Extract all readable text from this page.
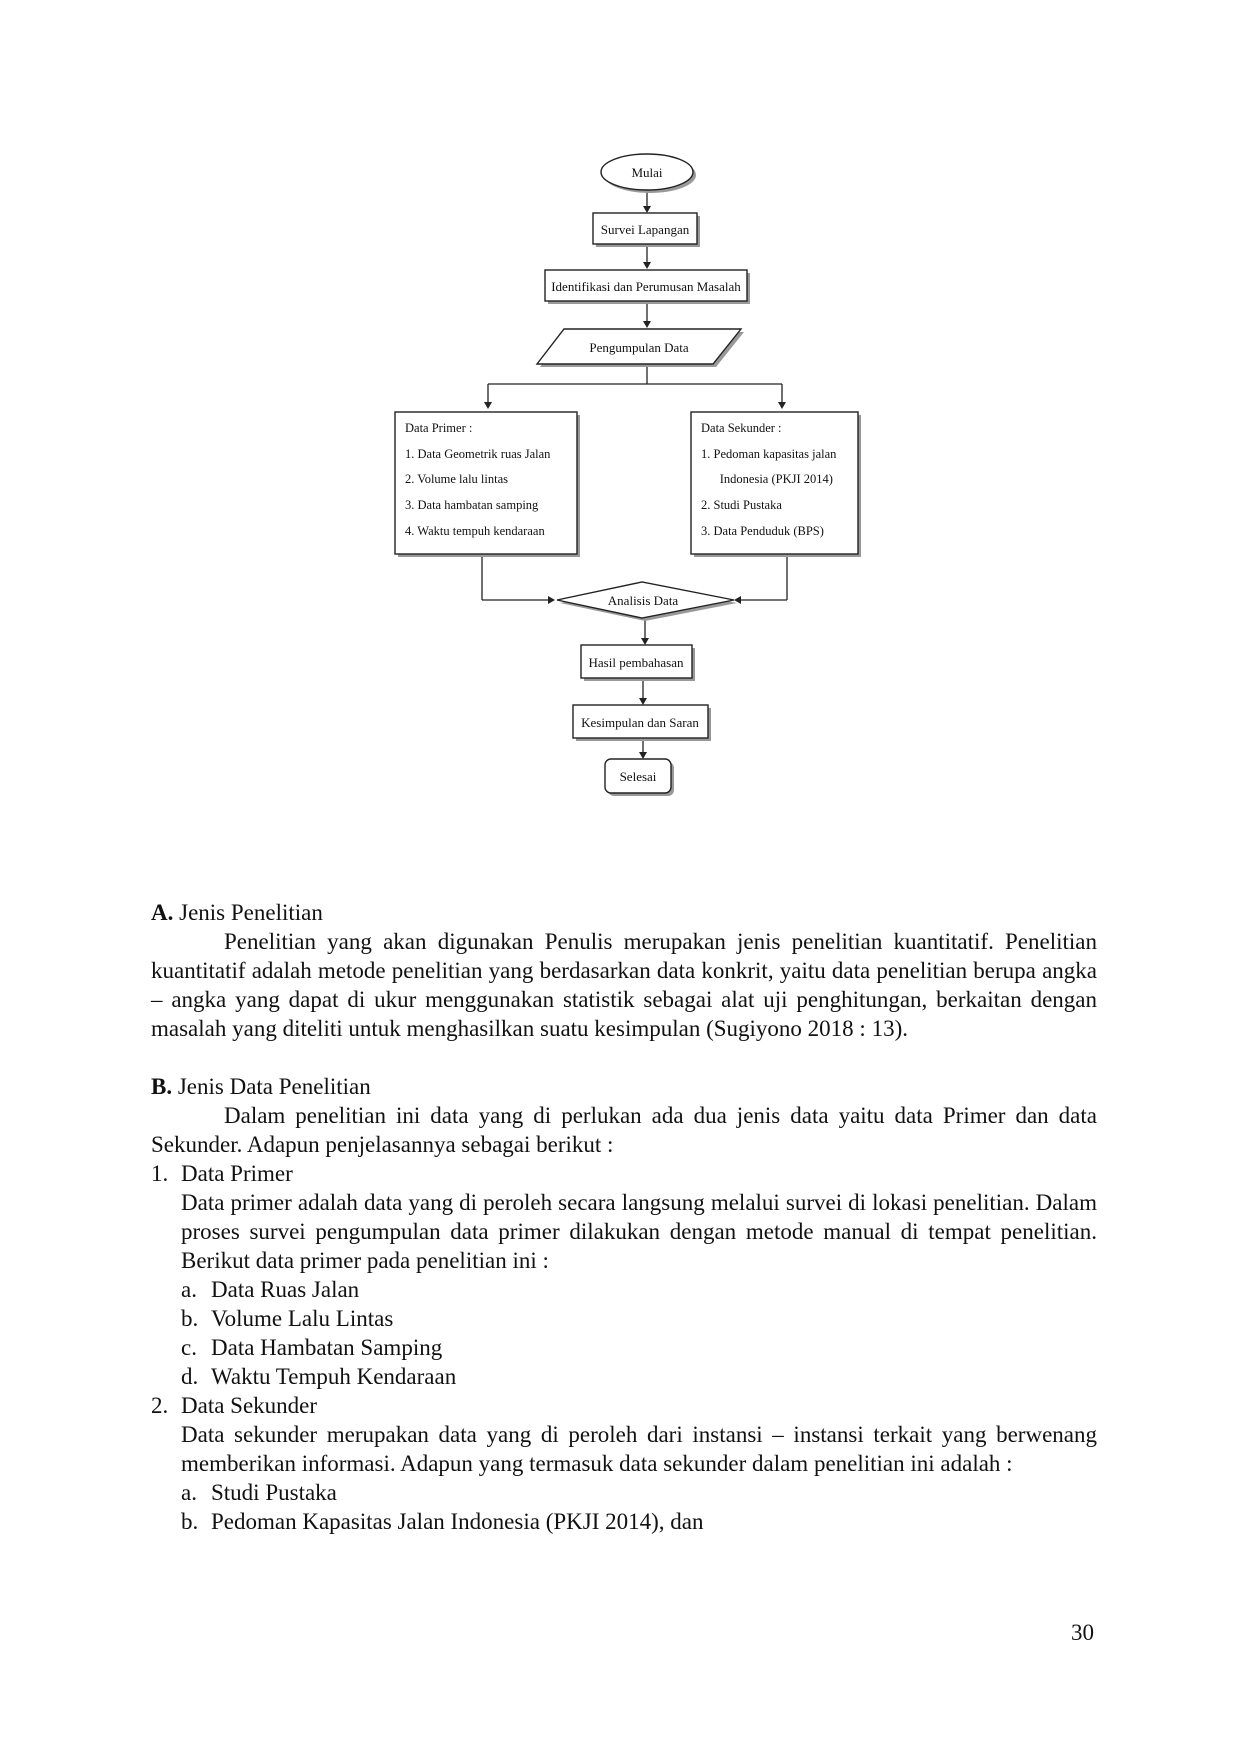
Mulai
Survei Lapangan
Identifikasi dan Perumusan Masalah
Pengumpulan Data
Data Primer :
1. Data Geometrik ruas Jalan
2. Volume lalu lintas
3. Data hambatan samping
4. Waktu tempuh kendaraan
Data Sekunder :
1. Pedoman kapasitas jalan
Indonesia (PKJI 2014)
2. Studi Pustaka
3. Data Penduduk (BPS)
Analisis Data
Hasil pembahasan
Kesimpulan dan Saran
Selesai
A. Jenis Penelitian

Penelitian yang akan digunakan Penulis merupakan jenis penelitian kuantitatif. Penelitian kuantitatif adalah metode penelitian yang berdasarkan data konkrit, yaitu data penelitian berupa angka – angka yang dapat di ukur menggunakan statistik sebagai alat uji penghitungan, berkaitan dengan masalah yang diteliti untuk menghasilkan suatu kesimpulan (Sugiyono 2018 : 13).

B. Jenis Data Penelitian

Dalam penelitian ini data yang di perlukan ada dua jenis data yaitu data Primer dan data Sekunder. Adapun penjelasannya sebagai berikut :

1. Data Primer
Data primer adalah data yang di peroleh secara langsung melalui survei di lokasi penelitian. Dalam proses survei pengumpulan data primer dilakukan dengan metode manual di tempat penelitian. Berikut data primer pada penelitian ini :
a. Data Ruas Jalan
b. Volume Lalu Lintas
c. Data Hambatan Samping
d. Waktu Tempuh Kendaraan
2. Data Sekunder
Data sekunder merupakan data yang di peroleh dari instansi – instansi terkait yang berwenang memberikan informasi. Adapun yang termasuk data sekunder dalam penelitian ini adalah :
a. Studi Pustaka
b. Pedoman Kapasitas Jalan Indonesia (PKJI 2014), dan
30
